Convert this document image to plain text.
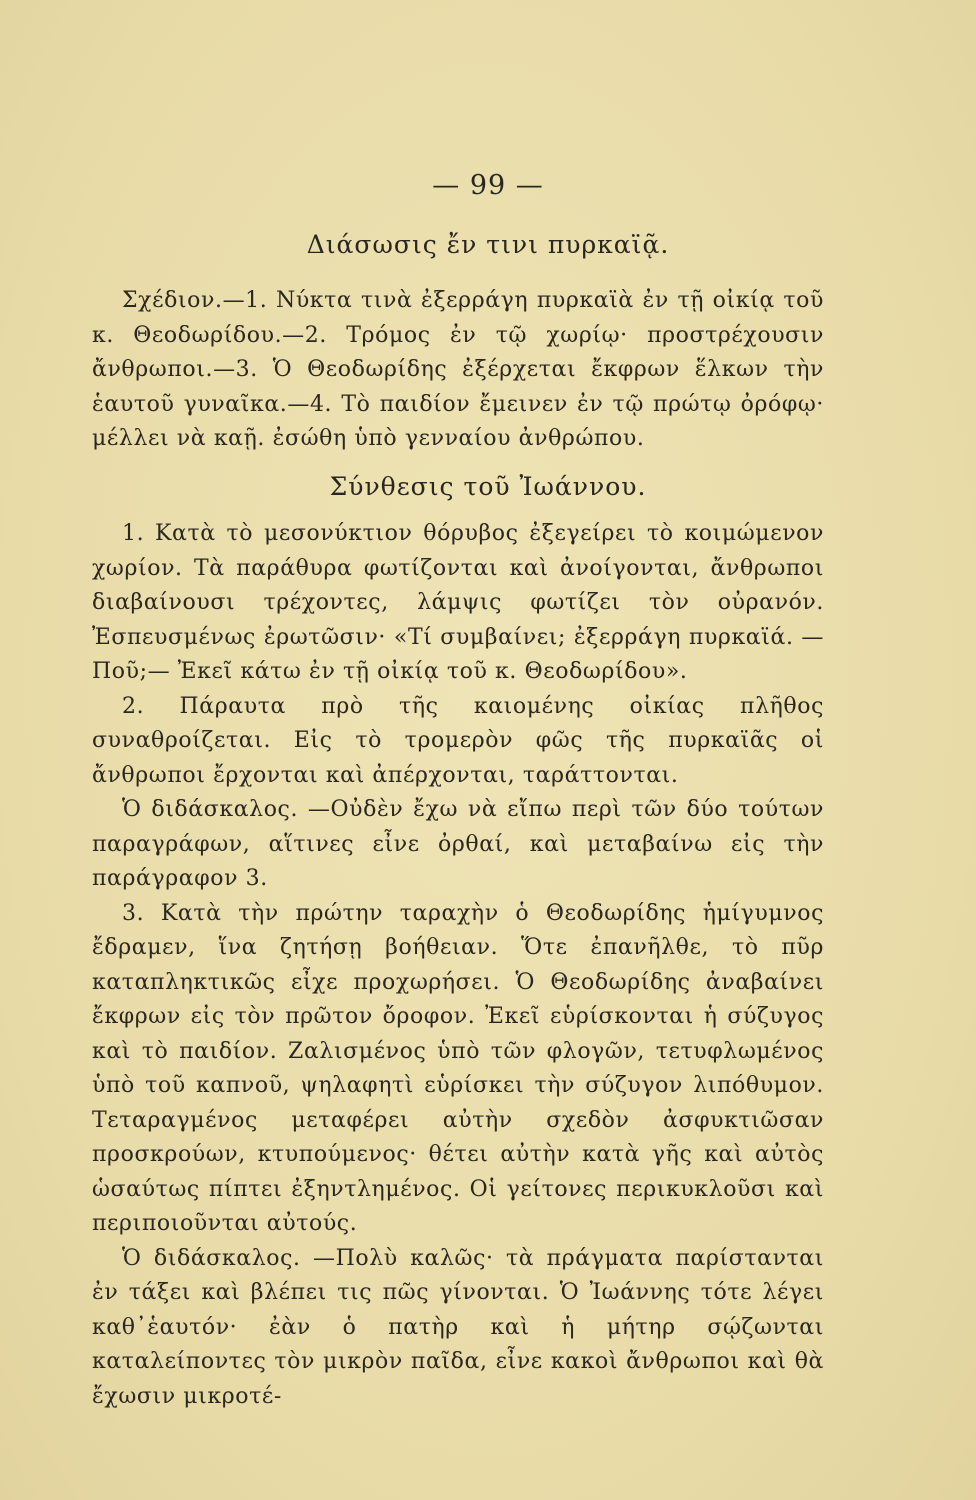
— 99 —
Διάσωσις ἔν τινι πυρκαϊᾷ.

Σχέδιον.—1. Νύκτα τινὰ ἐξερράγη πυρκαϊὰ ἐν τῇ οἰκίᾳ τοῦ κ. Θεοδωρίδου.—2. Τρόμος ἐν τῷ χωρίῳ· προστρέχουσιν ἄνθρωποι.—3. Ὁ Θεοδωρίδης ἐξέρχεται ἔκφρων ἕλκων τὴν ἑαυτοῦ γυναῖκα.—4. Τὸ παιδίον ἔμεινεν ἐν τῷ πρώτῳ ὀρόφῳ· μέλλει νὰ καῇ. ἐσώθη ὑπὸ γενναίου ἀνθρώπου.

Σύνθεσις τοῦ Ἰωάννου.

1. Κατὰ τὸ μεσονύκτιον θόρυβος ἐξεγείρει τὸ κοιμώμενον χωρίον. Τὰ παράθυρα φωτίζονται καὶ ἀνοίγονται, ἄνθρωποι διαβαίνουσι τρέχοντες, λάμψις φωτίζει τὸν οὐρανόν. Ἐσπευσμένως ἐρωτῶσιν· «Τί συμβαίνει; ἐξερράγη πυρκαϊά. —Ποῦ;— Ἐκεῖ κάτω ἐν τῇ οἰκίᾳ τοῦ κ. Θεοδωρίδου».

2. Πάραυτα πρὸ τῆς καιομένης οἰκίας πλῆθος συναθροίζεται. Εἰς τὸ τρομερὸν φῶς τῆς πυρκαϊᾶς οἱ ἄνθρωποι ἔρχονται καὶ ἀπέρχονται, ταράττονται.

Ὁ διδάσκαλος. —Οὐδὲν ἔχω νὰ εἴπω περὶ τῶν δύο τούτων παραγράφων, αἵτινες εἶνε ὀρθαί, καὶ μεταβαίνω εἰς τὴν παράγραφον 3.

3. Κατὰ τὴν πρώτην ταραχὴν ὁ Θεοδωρίδης ἡμίγυμνος ἔδραμεν, ἵνα ζητήσῃ βοήθειαν. Ὅτε ἐπανῆλθε, τὸ πῦρ καταπληκτικῶς εἶχε προχωρήσει. Ὁ Θεοδωρίδης ἀναβαίνει ἔκφρων εἰς τὸν πρῶτον ὄροφον. Ἐκεῖ εὑρίσκονται ἡ σύζυγος καὶ τὸ παιδίον. Ζαλισμένος ὑπὸ τῶν φλογῶν, τετυφλωμένος ὑπὸ τοῦ καπνοῦ, ψηλαφητὶ εὑρίσκει τὴν σύζυγον λιπόθυμον. Τεταραγμένος μεταφέρει αὐτὴν σχεδὸν ἀσφυκτιῶσαν προσκρούων, κτυπούμενος· θέτει αὐτὴν κατὰ γῆς καὶ αὐτὸς ὡσαύτως πίπτει ἐξηντλημένος. Οἱ γείτονες περικυκλοῦσι καὶ περιποιοῦνται αὐτούς.

Ὁ διδάσκαλος. —Πολὺ καλῶς· τὰ πράγματα παρίστανται ἐν τάξει καὶ βλέπει τις πῶς γίνονται. Ὁ Ἰωάννης τότε λέγει καθ᾽ἑαυτόν· ἐὰν ὁ πατὴρ καὶ ἡ μήτηρ σῴζωνται καταλείποντες τὸν μικρὸν παῖδα, εἶνε κακοὶ ἄνθρωποι καὶ θὰ ἔχωσιν μικροτέ-
